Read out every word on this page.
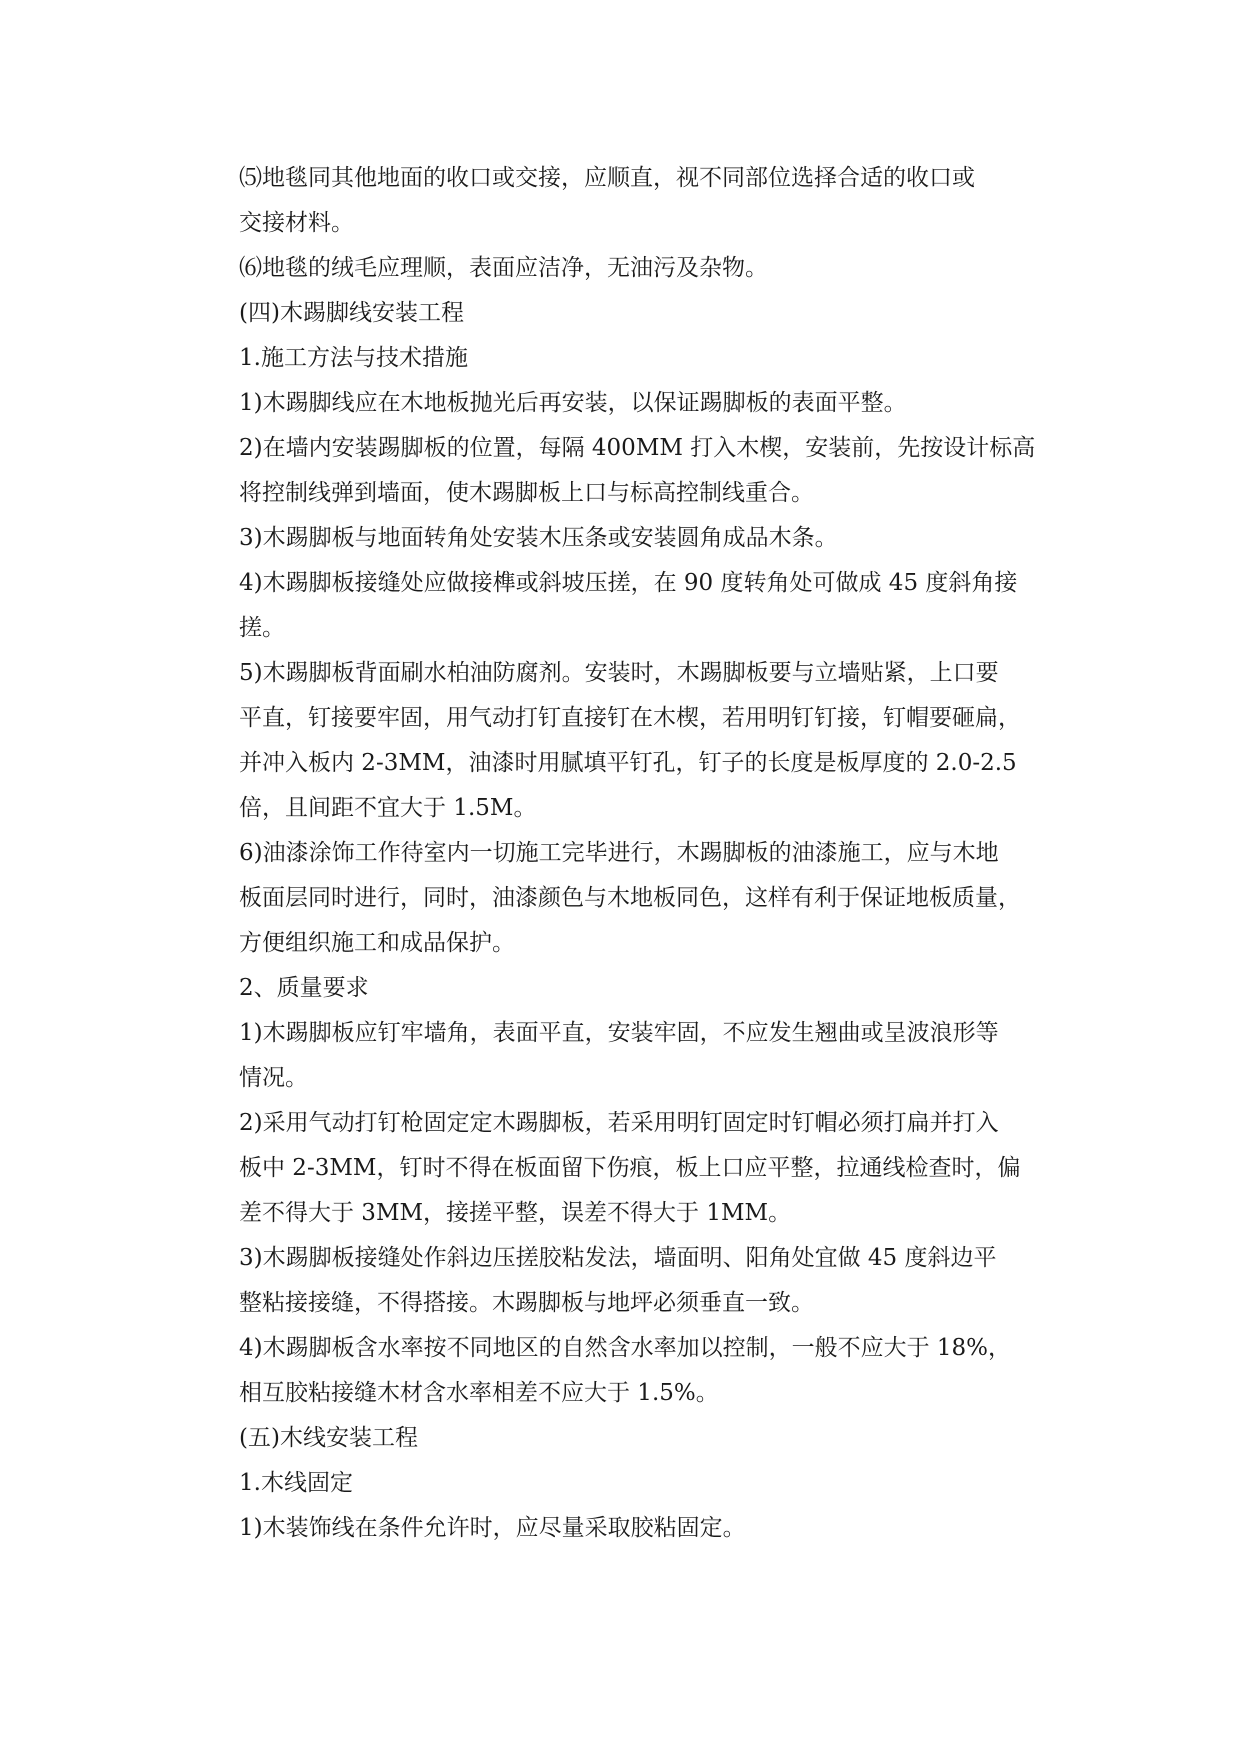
⑸地毯同其他地面的收口或交接，应顺直，视不同部位选择合适的收口或
交接材料。

⑹地毯的绒毛应理顺，表面应洁净，无油污及杂物。

(四)木踢脚线安装工程

1.施工方法与技术措施

1)木踢脚线应在木地板抛光后再安装，以保证踢脚板的表面平整。

2)在墙内安装踢脚板的位置，每隔 400MM 打入木楔，安装前，先按设计标高
将控制线弹到墙面，使木踢脚板上口与标高控制线重合。

3)木踢脚板与地面转角处安装木压条或安装圆角成品木条。

4)木踢脚板接缝处应做接榫或斜坡压搓，在 90 度转角处可做成 45 度斜角接
搓。

5)木踢脚板背面刷水柏油防腐剂。安装时，木踢脚板要与立墙贴紧，上口要
平直，钉接要牢固，用气动打钉直接钉在木楔，若用明钉钉接，钉帽要砸扁，
并冲入板内 2-3MM，油漆时用腻填平钉孔，钉子的长度是板厚度的 2.0-2.5
倍，且间距不宜大于 1.5M。

6)油漆涂饰工作待室内一切施工完毕进行，木踢脚板的油漆施工，应与木地
板面层同时进行，同时，油漆颜色与木地板同色，这样有利于保证地板质量，
方便组织施工和成品保护。

2、质量要求

1)木踢脚板应钉牢墙角，表面平直，安装牢固，不应发生翘曲或呈波浪形等
情况。

2)采用气动打钉枪固定定木踢脚板，若采用明钉固定时钉帽必须打扁并打入
板中 2-3MM，钉时不得在板面留下伤痕，板上口应平整，拉通线检查时，偏
差不得大于 3MM，接搓平整，误差不得大于 1MM。

3)木踢脚板接缝处作斜边压搓胶粘发法，墙面明、阳角处宜做 45 度斜边平
整粘接接缝，不得搭接。木踢脚板与地坪必须垂直一致。

4)木踢脚板含水率按不同地区的自然含水率加以控制，一般不应大于 18%，
相互胶粘接缝木材含水率相差不应大于 1.5%。

(五)木线安装工程

1.木线固定

1)木装饰线在条件允许时，应尽量采取胶粘固定。
